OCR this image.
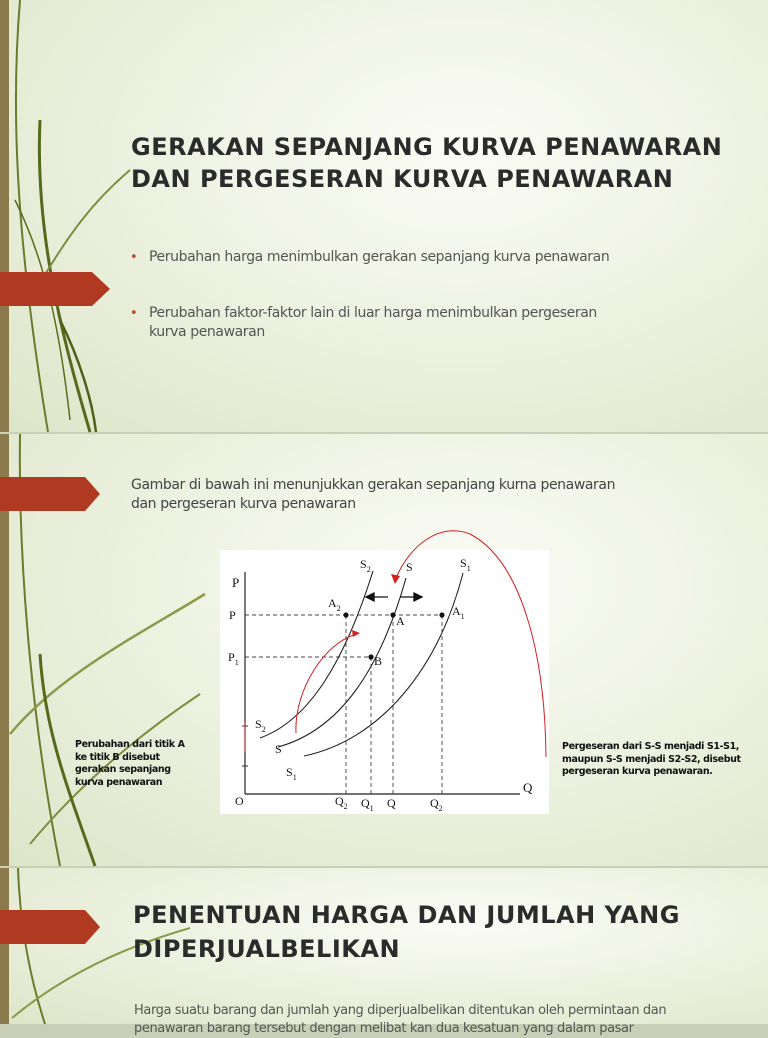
GERAKAN SEPANJANG KURVA PENAWARAN
DAN PERGESERAN KURVA PENAWARAN
• Perubahan harga menimbulkan gerakan sepanjang kurva penawaran
• Perubahan faktor-faktor lain di luar harga menimbulkan pergeseran
kurva penawaran
Gambar di bawah ini menunjukkan gerakan sepanjang kurna penawaran
dan pergeseran kurva penawaran
P
Q
O
P
$P_1$
$Q_2$ $Q_1$ Q	$Q_2$
$S_2$	S	$S_1$
$S_2$
S
$S_1$
$A_2$
A
$A_1$
B
Perubahan dari titik A
ke titik B disebut
gerakan sepanjang
kurva penawaran
Pergeseran dari S-S menjadi S1-S1,
maupun S-S menjadi S2-S2, disebut
pergeseran kurva penawaran.
PENENTUAN HARGA DAN JUMLAH YANG
DIPERJUALBELIKAN
Harga suatu barang dan jumlah yang diperjualbelikan ditentukan oleh permintaan dan
penawaran barang tersebut dengan melibat kan dua kesatuan yang dalam pasar
